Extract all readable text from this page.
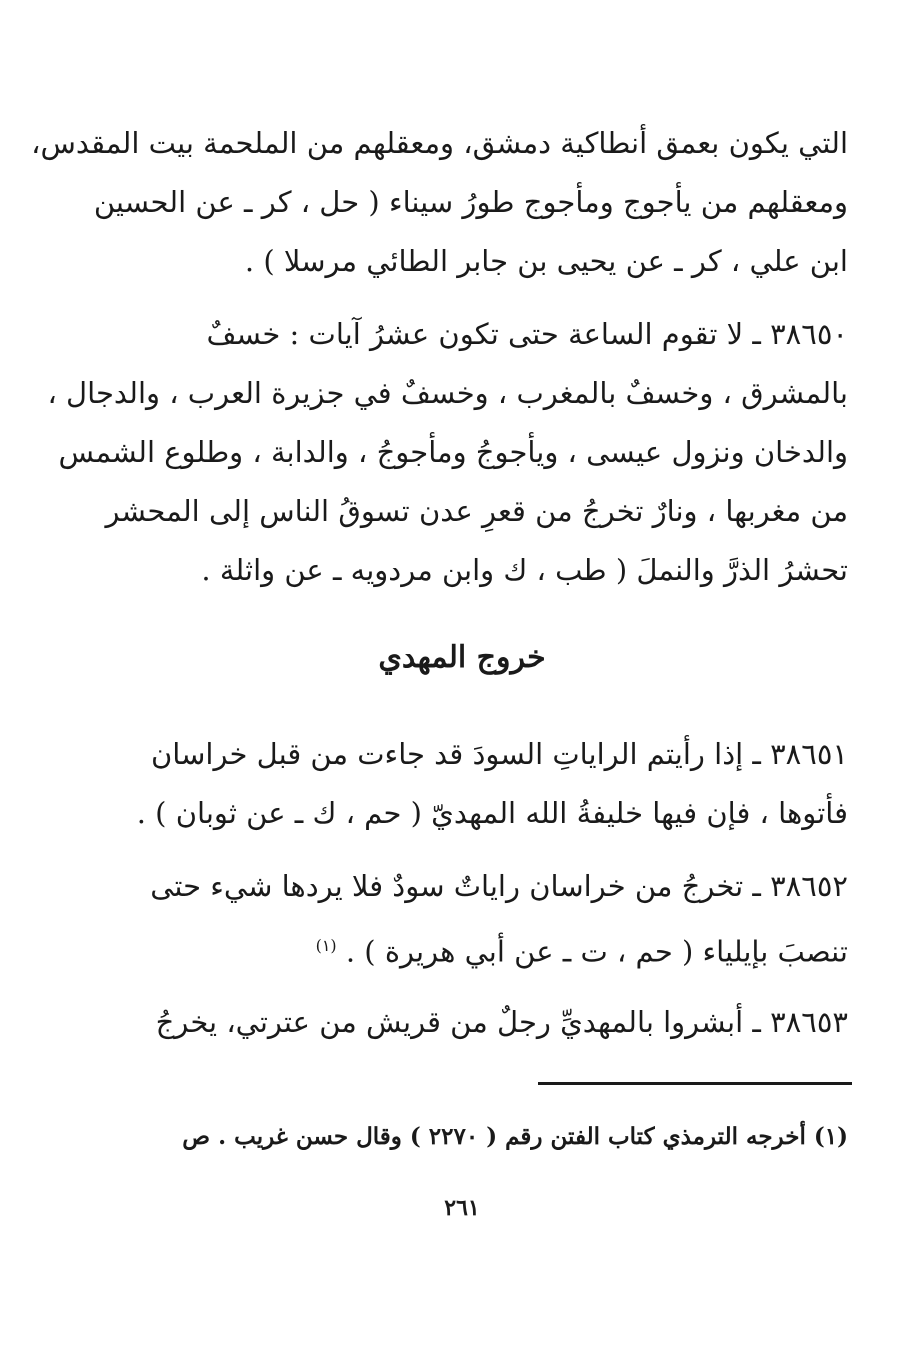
التي يكون بعمق أنطاكية دمشق، ومعقلهم من الملحمة بيت المقدس،
ومعقلهم من يأجوج ومأجوج طورُ سيناء ( حل ، كر ـ عن الحسين
ابن علي ، كر ـ عن يحيى بن جابر الطائي مرسلا ) .
٣٨٦٥٠ ـ لا تقوم الساعة حتى تكون عشرُ آيات : خسفٌ
بالمشرق ، وخسفٌ بالمغرب ، وخسفٌ في جزيرة العرب ، والدجال ،
والدخان ونزول عيسى ، ويأجوجُ ومأجوجُ ، والدابة ، وطلوع الشمس
من مغربها ، ونارٌ تخرجُ من قعرِ عدن تسوقُ الناس إلى المحشر
تحشرُ الذرَّ والنملَ ( طب ، ك وابن مردويه ـ عن واثلة .
خروج المهدي
٣٨٦٥١ ـ إذا رأيتم الراياتِ السودَ قد جاءت من قبل خراسان
فأتوها ، فإن فيها خليفةُ الله المهديّ ( حم ، ك ـ عن ثوبان ) .
٣٨٦٥٢ ـ تخرجُ من خراسان راياتٌ سودٌ فلا يردها شيء حتى
تنصبَ بإيلياء ( حم ، ت ـ عن أبي هريرة ) . $^{(١)}$
٣٨٦٥٣ ـ أبشروا بالمهديِّ رجلٌ من قريش من عترتي، يخرجُ
(١) أخرجه الترمذي كتاب الفتن رقم ( ٢٢٧٠ ) وقال حسن غريب . ص
٢٦١
